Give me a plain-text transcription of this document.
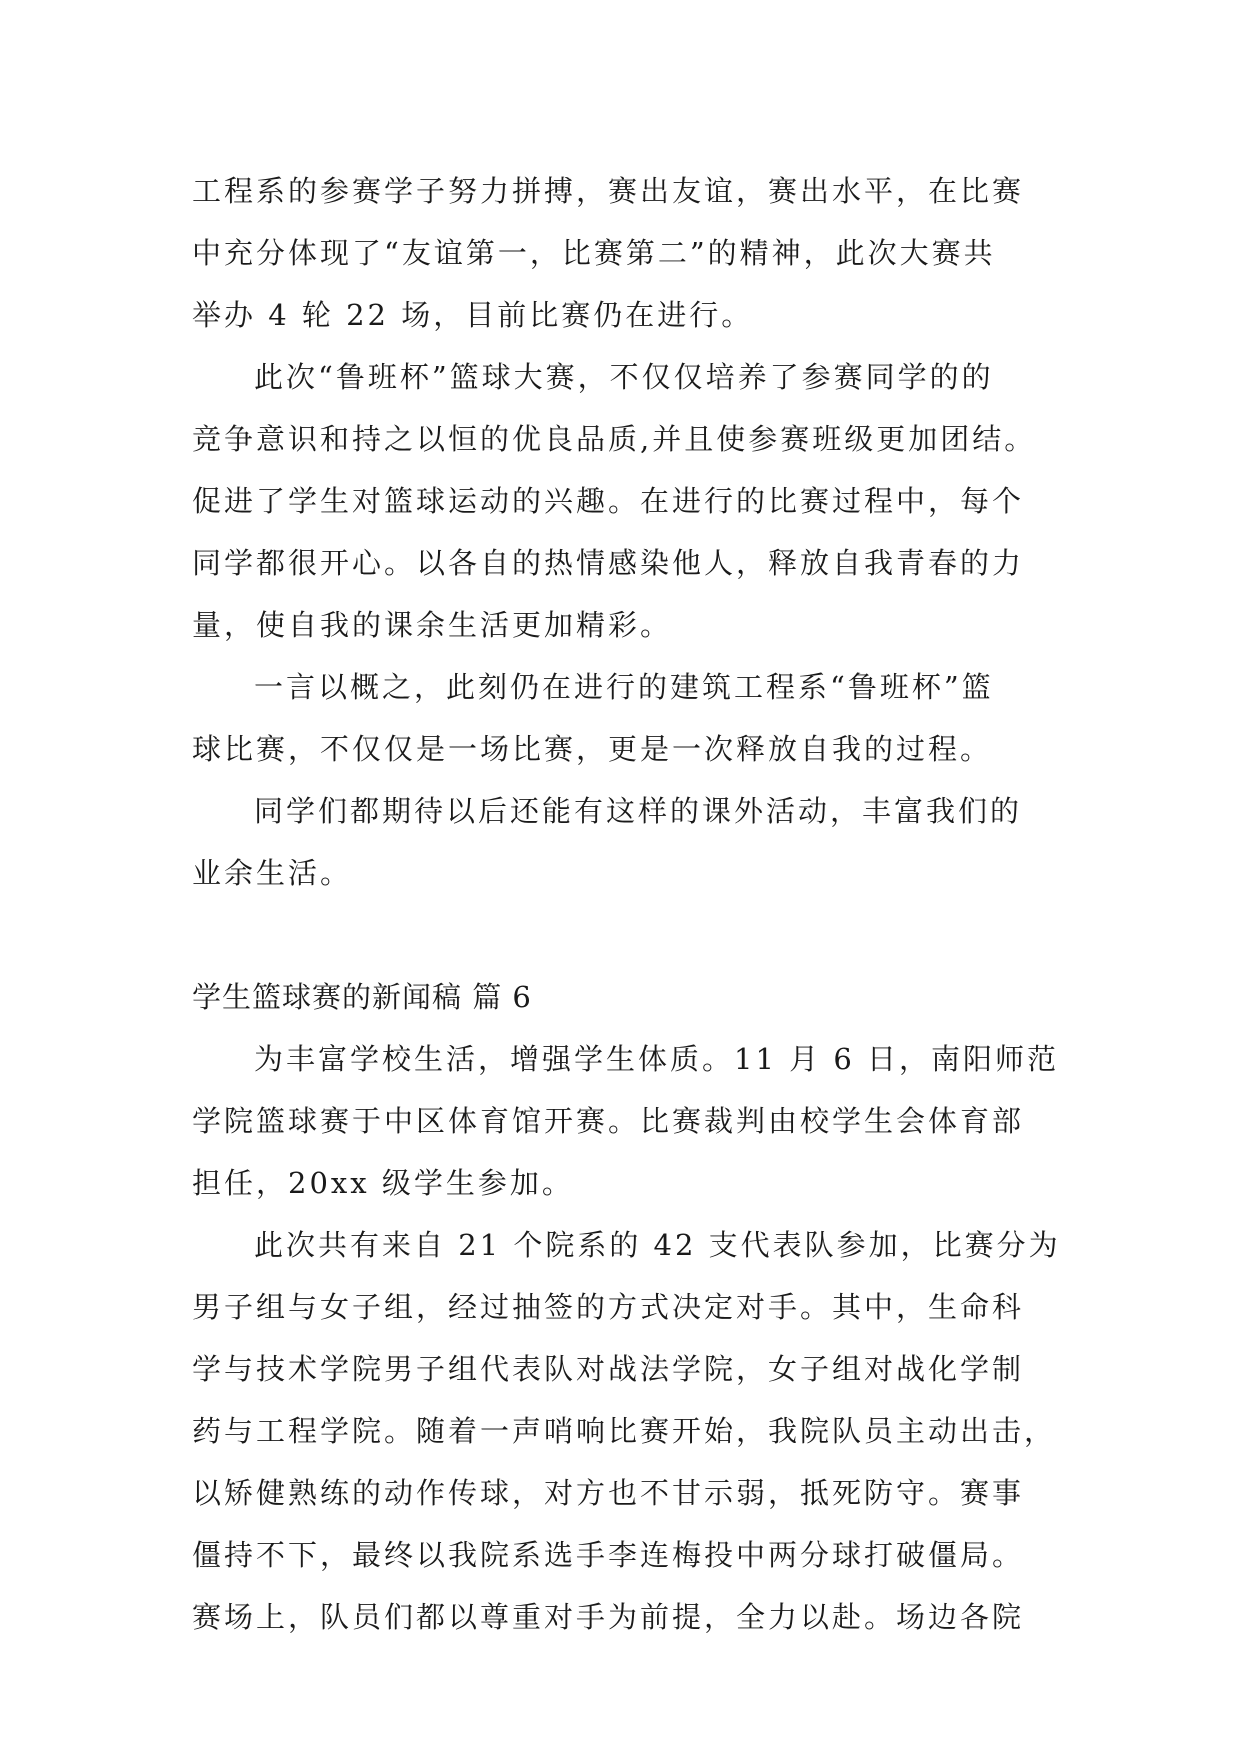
工程系的参赛学子努力拼搏，赛出友谊，赛出水平，在比赛
中充分体现了“友谊第一，比赛第二”的精神，此次大赛共
举办 4 轮 22 场，目前比赛仍在进行。
此次“鲁班杯”篮球大赛，不仅仅培养了参赛同学的的
竞争意识和持之以恒的优良品质,并且使参赛班级更加团结。
促进了学生对篮球运动的兴趣。在进行的比赛过程中，每个
同学都很开心。以各自的热情感染他人，释放自我青春的力
量，使自我的课余生活更加精彩。
一言以概之，此刻仍在进行的建筑工程系“鲁班杯”篮
球比赛，不仅仅是一场比赛，更是一次释放自我的过程。
同学们都期待以后还能有这样的课外活动，丰富我们的
业余生活。
学生篮球赛的新闻稿 篇 6
为丰富学校生活，增强学生体质。11 月 6 日，南阳师范
学院篮球赛于中区体育馆开赛。比赛裁判由校学生会体育部
担任，20xx 级学生参加。
此次共有来自 21 个院系的 42 支代表队参加，比赛分为
男子组与女子组，经过抽签的方式决定对手。其中，生命科
学与技术学院男子组代表队对战法学院，女子组对战化学制
药与工程学院。随着一声哨响比赛开始，我院队员主动出击，
以矫健熟练的动作传球，对方也不甘示弱，抵死防守。赛事
僵持不下，最终以我院系选手李连梅投中两分球打破僵局。
赛场上，队员们都以尊重对手为前提，全力以赴。场边各院
